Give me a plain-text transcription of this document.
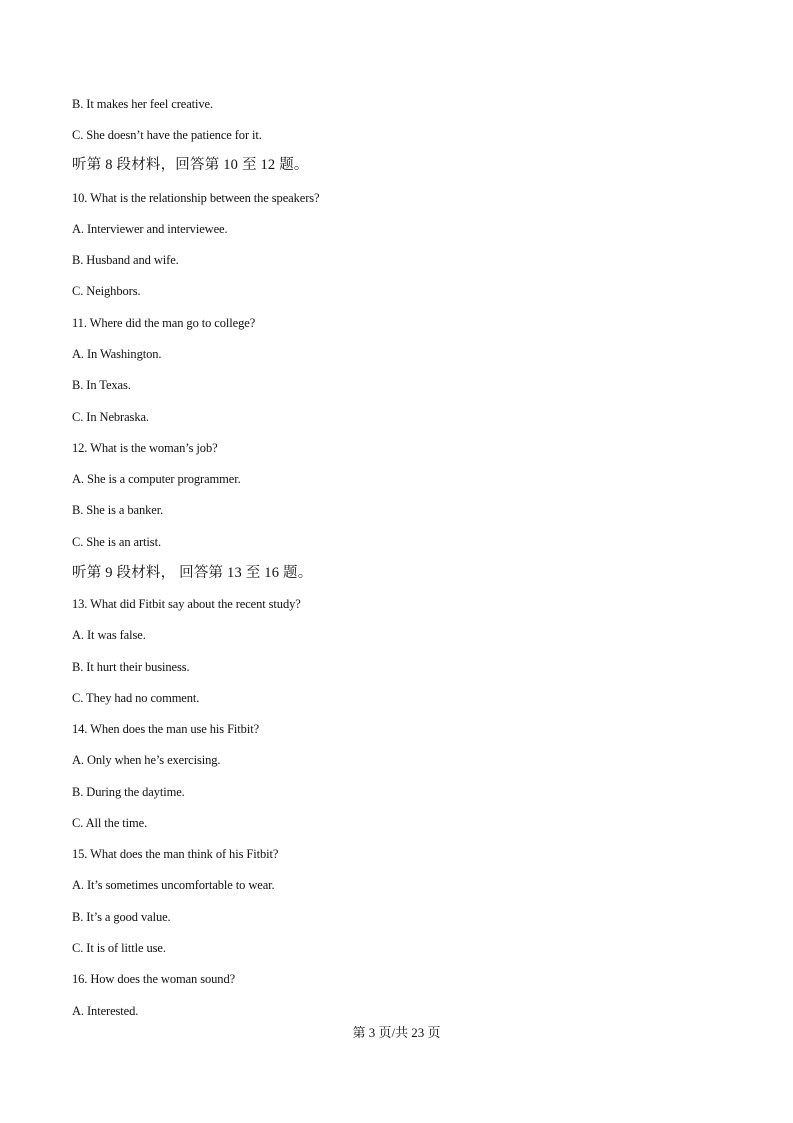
B. It makes her feel creative.
C. She doesn’t have the patience for it.
听第 8 段材料，回答第 10 至 12 题。
10. What is the relationship between the speakers?
A. Interviewer and interviewee.
B. Husband and wife.
C. Neighbors.
11. Where did the man go to college?
A. In Washington.
B. In Texas.
C. In Nebraska.
12. What is the woman’s job?
A. She is a computer programmer.
B. She is a banker.
C. She is an artist.
听第 9 段材料， 回答第 13 至 16 题。
13. What did Fitbit say about the recent study?
A. It was false.
B. It hurt their business.
C. They had no comment.
14. When does the man use his Fitbit?
A. Only when he’s exercising.
B. During the daytime.
C. All the time.
15. What does the man think of his Fitbit?
A. It’s sometimes uncomfortable to wear.
B. It’s a good value.
C. It is of little use.
16. How does the woman sound?
A. Interested.
第 3 页/共 23 页
